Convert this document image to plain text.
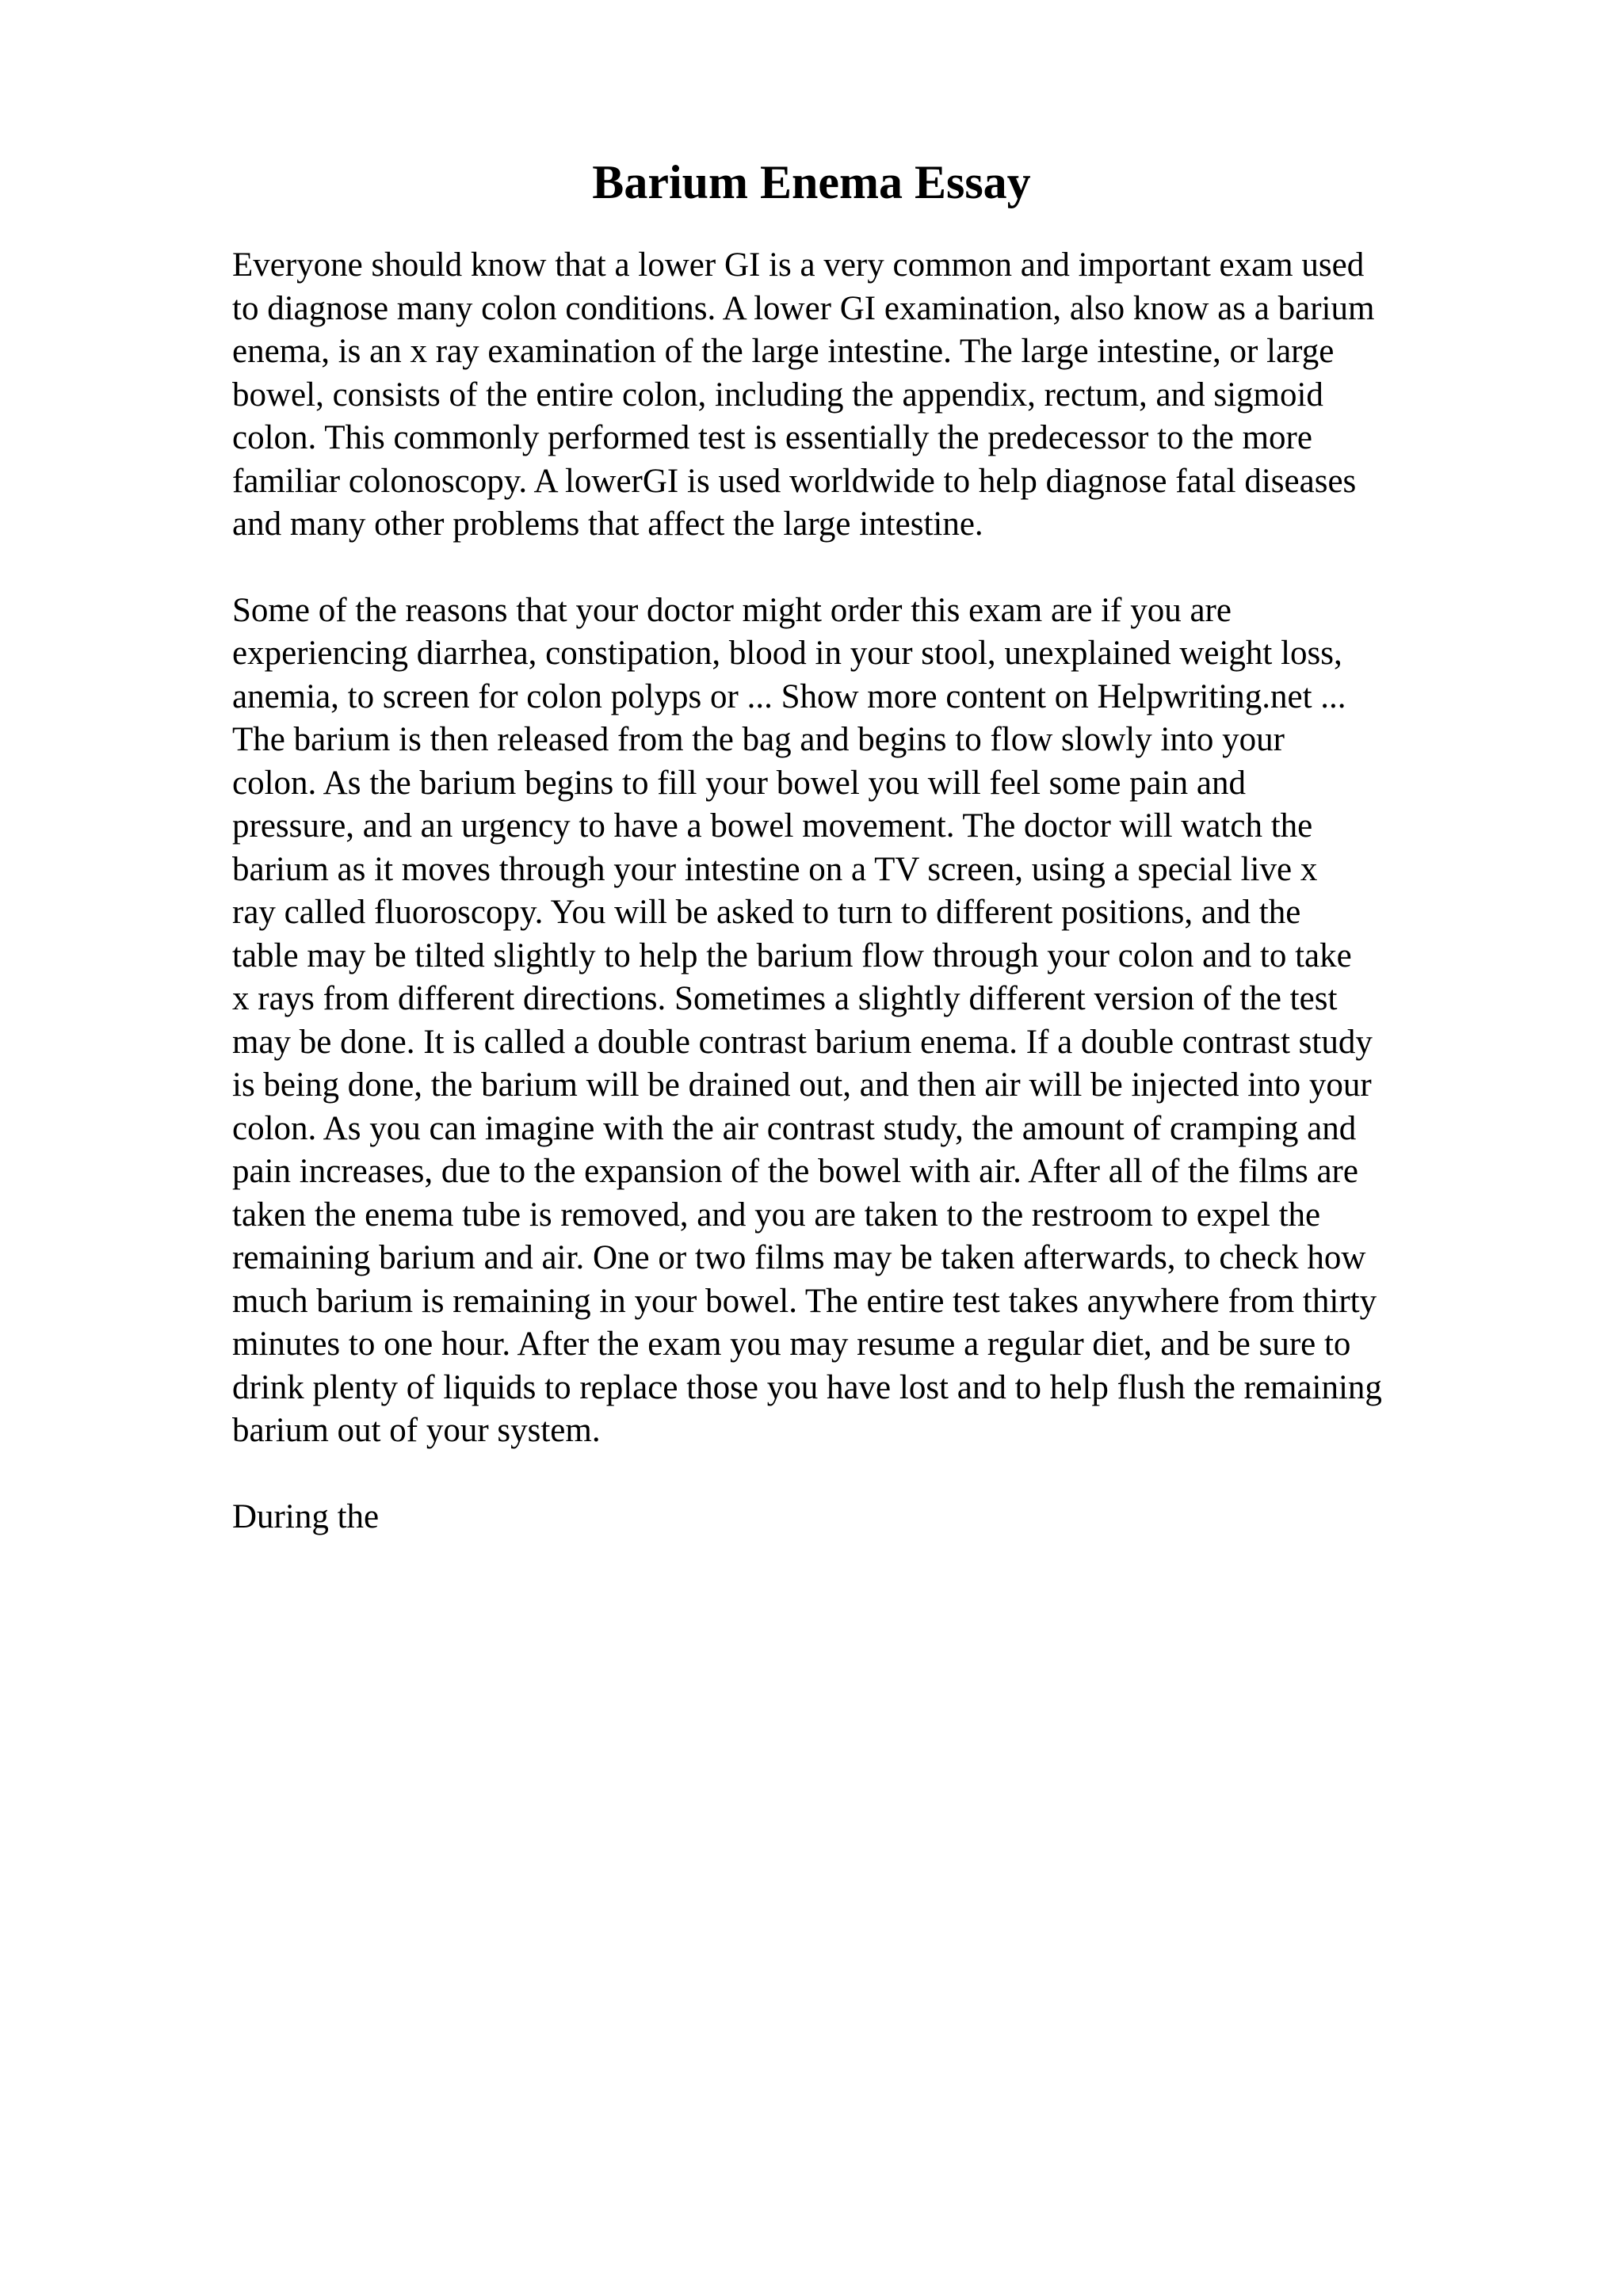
Barium Enema Essay

Everyone should know that a lower GI is a very common and important exam used
to diagnose many colon conditions. A lower GI examination, also know as a barium
enema, is an x ray examination of the large intestine. The large intestine, or large
bowel, consists of the entire colon, including the appendix, rectum, and sigmoid
colon. This commonly performed test is essentially the predecessor to the more
familiar colonoscopy. A lowerGI is used worldwide to help diagnose fatal diseases
and many other problems that affect the large intestine.

Some of the reasons that your doctor might order this exam are if you are
experiencing diarrhea, constipation, blood in your stool, unexplained weight loss,
anemia, to screen for colon polyps or ... Show more content on Helpwriting.net ...
The barium is then released from the bag and begins to flow slowly into your
colon. As the barium begins to fill your bowel you will feel some pain and
pressure, and an urgency to have a bowel movement. The doctor will watch the
barium as it moves through your intestine on a TV screen, using a special live x
ray called fluoroscopy. You will be asked to turn to different positions, and the
table may be tilted slightly to help the barium flow through your colon and to take
x rays from different directions. Sometimes a slightly different version of the test
may be done. It is called a double contrast barium enema. If a double contrast study
is being done, the barium will be drained out, and then air will be injected into your
colon. As you can imagine with the air contrast study, the amount of cramping and
pain increases, due to the expansion of the bowel with air. After all of the films are
taken the enema tube is removed, and you are taken to the restroom to expel the
remaining barium and air. One or two films may be taken afterwards, to check how
much barium is remaining in your bowel. The entire test takes anywhere from thirty
minutes to one hour. After the exam you may resume a regular diet, and be sure to
drink plenty of liquids to replace those you have lost and to help flush the remaining
barium out of your system.

During the
